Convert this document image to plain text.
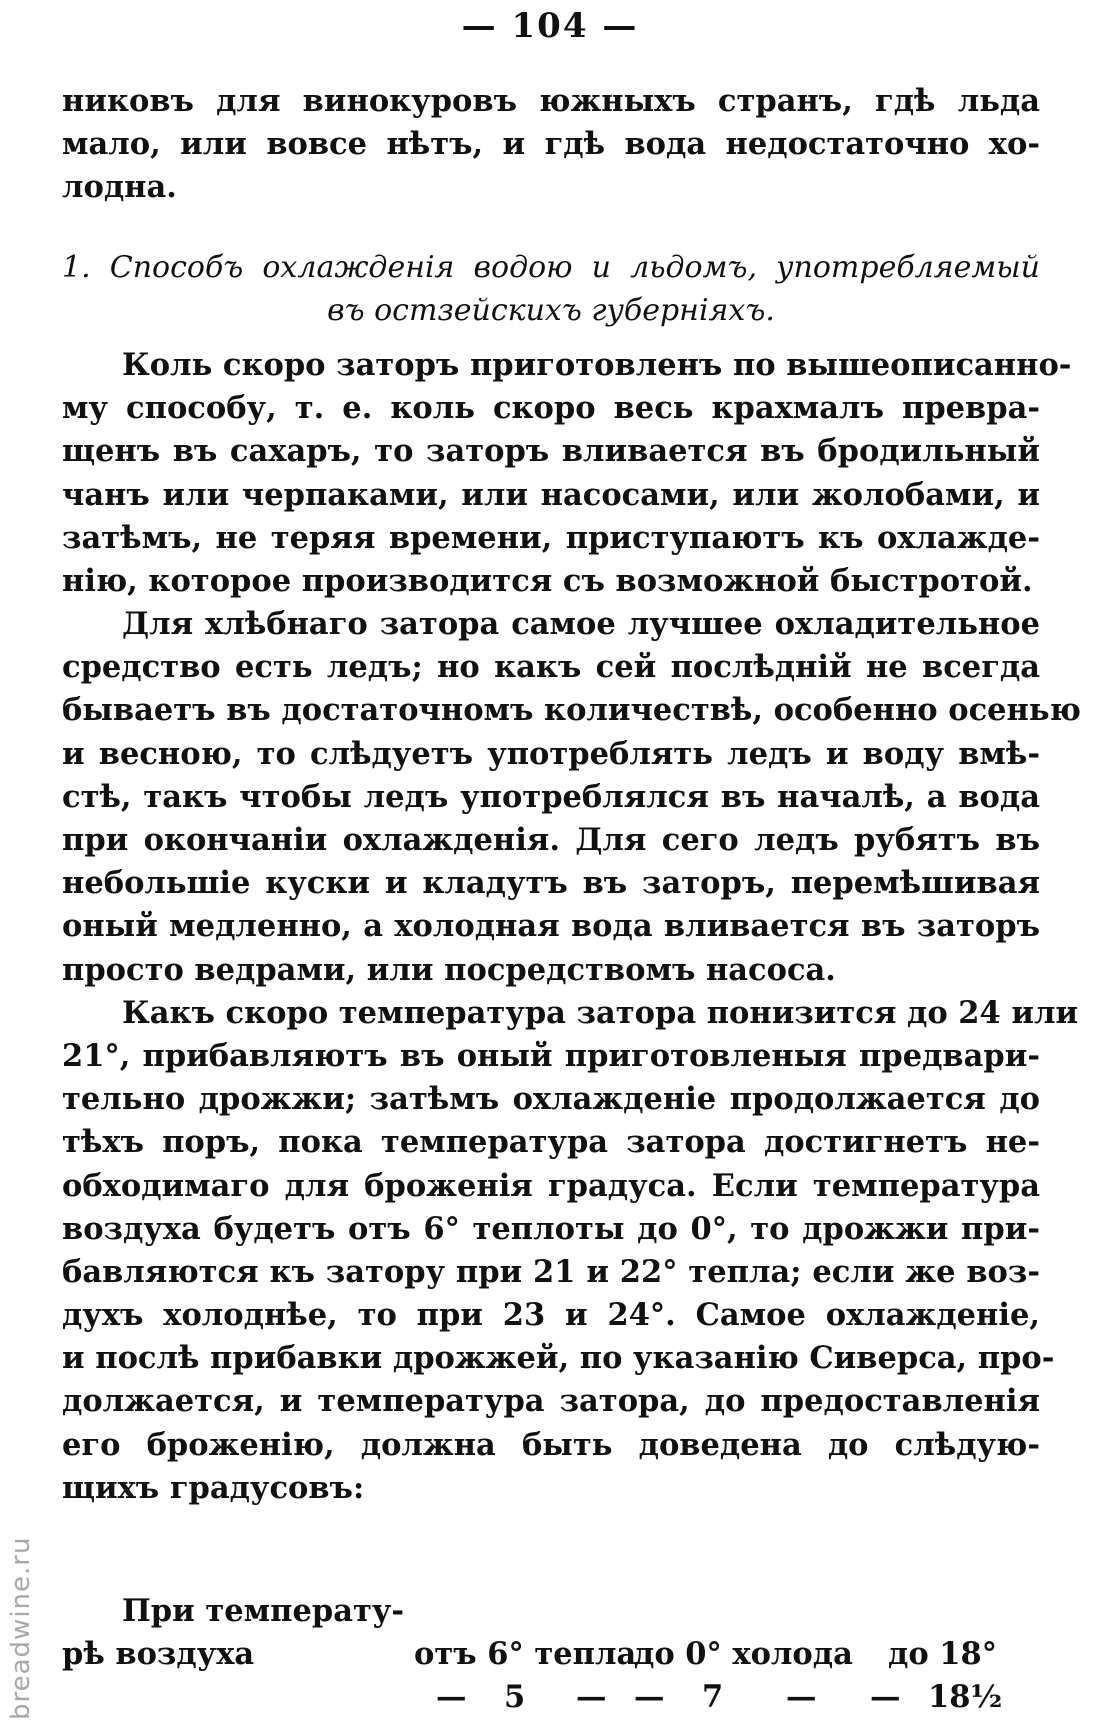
— 104 —
никовъ для винокуровъ южныхъ странъ, гдѣ льда
мало, или вовсе нѣтъ, и гдѣ вода недостаточно хо-
лодна.
1. Способъ охлажденія водою и льдомъ, употребляемый
въ остзейскихъ губерніяхъ.
Коль скоро заторъ приготовленъ по вышеописанно-
му способу, т. е. коль скоро весь крахмалъ превра-
щенъ въ сахаръ, то заторъ вливается въ бродильный
чанъ или черпаками, или насосами, или жолобами, и
затѣмъ, не теряя времени, приступаютъ къ охлажде-
нію, которое производится съ возможной быстротой.
Для хлѣбнаго затора самое лучшее охладительное
средство есть ледъ; но какъ сей послѣдній не всегда
бываетъ въ достаточномъ количествѣ, особенно осенью
и весною, то слѣдуетъ употреблять ледъ и воду вмѣ-
стѣ, такъ чтобы ледъ употреблялся въ началѣ, а вода
при окончаніи охлажденія. Для сего ледъ рубятъ въ
небольшіе куски и кладутъ въ заторъ, перемѣшивая
оный медленно, а холодная вода вливается въ заторъ
просто ведрами, или посредствомъ насоса.
Какъ скоро температура затора понизится до 24 или
21°, прибавляютъ въ оный приготовленыя предвари-
тельно дрожжи; затѣмъ охлажденіе продолжается до
тѣхъ поръ, пока температура затора достигнетъ не-
обходимаго для броженія градуса. Если температура
воздуха будетъ отъ 6° теплоты до 0°, то дрожжи при-
бавляются къ затору при 21 и 22° тепла; если же воз-
духъ холоднѣе, то при 23 и 24°. Самое охлажденіе,
и послѣ прибавки дрожжей, по указанію Сиверса, про-
должается, и температура затора, до предоставленія
его броженію, должна быть доведена до слѣдую-
щихъ градусовъ:
При температу-
рѣ воздуха	отъ 6° тепла
до 0° холода до 18°
— 5 — — 7 — — 18½
breadwine.ru
